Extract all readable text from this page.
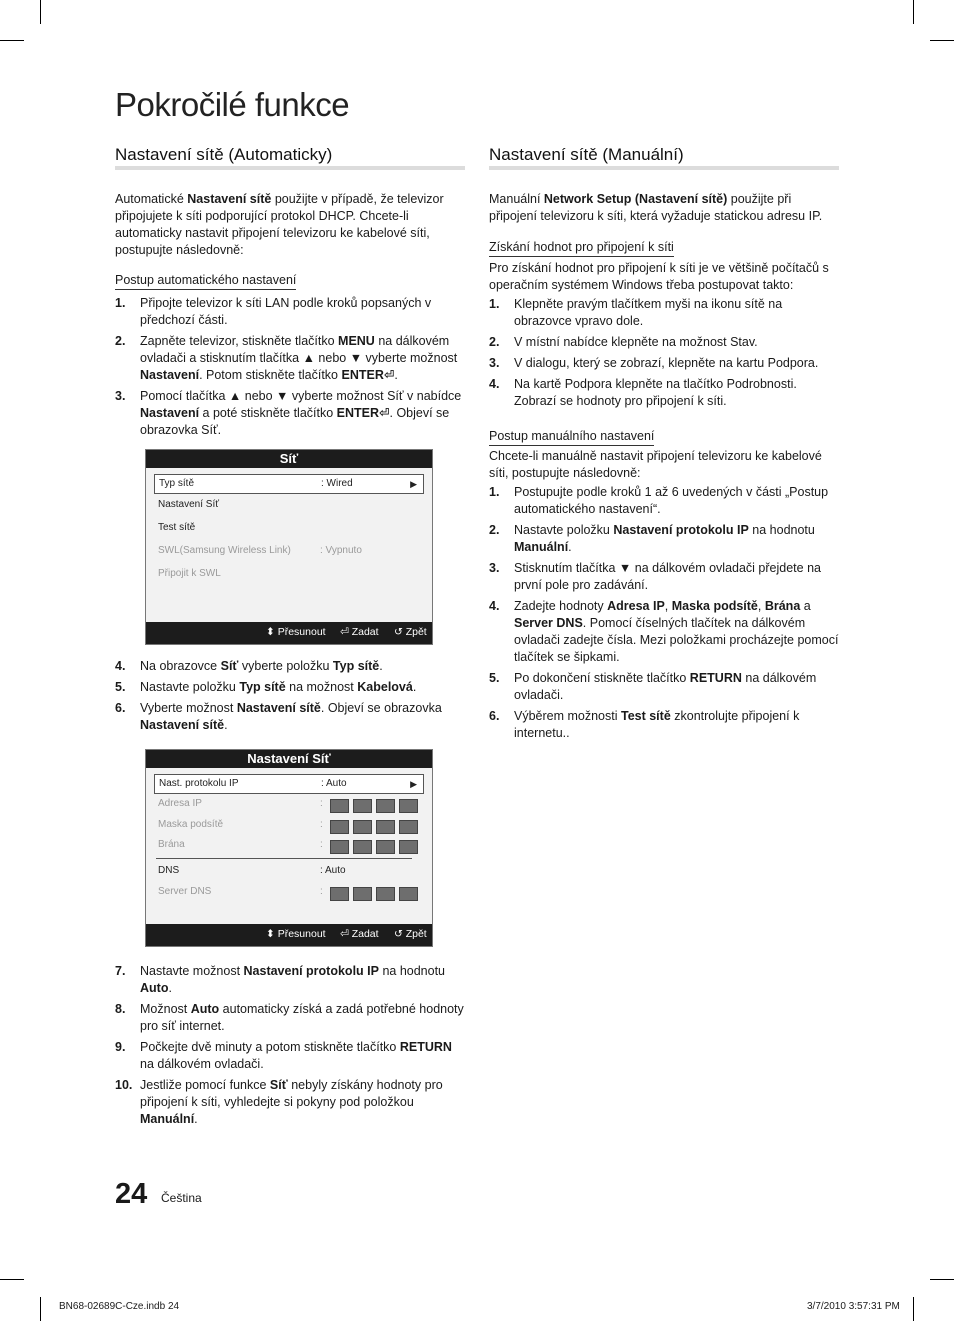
Pokročilé funkce
Nastavení sítě (Automaticky)

Automatické Nastavení sítě použijte v případě, že televizor připojujete k síti podporující protokol DHCP. Chcete-li automaticky nastavit připojení televizoru ke kabelové síti, postupujte následovně:

Postup automatického nastavení
1.	Připojte televizor k síti LAN podle kroků popsaných v předchozí části.
2.	Zapněte televizor, stiskněte tlačítko MENU na dálkovém ovladači a stisknutím tlačítka ▲ nebo ▼ vyberte možnost Nastavení. Potom stiskněte tlačítko ENTER⏎.
3.	Pomocí tlačítka ▲ nebo ▼ vyberte možnost Síť v nabídce Nastavení a poté stiskněte tlačítko ENTER⏎. Objeví se obrazovka Síť.
Síť
Typ sítě	: Wired	▶
Nastavení Síť
Test sítě
SWL(Samsung Wireless Link)	: Vypnuto
Připojit k SWL
⬍ Přesunout ⏎ Zadat ↺ Zpět
4.	Na obrazovce Síť vyberte položku Typ sítě.
5.	Nastavte položku Typ sítě na možnost Kabelová.
6.	Vyberte možnost Nastavení sítě. Objeví se obrazovka Nastavení sítě.
Nastavení Síť
Nast. protokolu IP	: Auto	▶
Adresa IP	:
Maska podsítě	:
Brána	:
DNS	: Auto
Server DNS	:
⬍ Přesunout ⏎ Zadat ↺ Zpět
7.	Nastavte možnost Nastavení protokolu IP na hodnotu Auto.
8.	Možnost Auto automaticky získá a zadá potřebné hodnoty pro síť internet.
9.	Počkejte dvě minuty a potom stiskněte tlačítko RETURN na dálkovém ovladači.
10. Jestliže pomocí funkce Síť nebyly získány hodnoty pro připojení k síti, vyhledejte si pokyny pod položkou Manuální.
Nastavení sítě (Manuální)

Manuální Network Setup (Nastavení sítě) použijte při připojení televizoru k síti, která vyžaduje statickou adresu IP.

Získání hodnot pro připojení k síti

Pro získání hodnot pro připojení k síti je ve většině počítačů s operačním systémem Windows třeba postupovat takto:

1.	Klepněte pravým tlačítkem myši na ikonu sítě na obrazovce vpravo dole.
2.	V místní nabídce klepněte na možnost Stav.
3.	V dialogu, který se zobrazí, klepněte na kartu Podpora.
4.	Na kartě Podpora klepněte na tlačítko Podrobnosti. Zobrazí se hodnoty pro připojení k síti.
Postup manuálního nastavení

Chcete-li manuálně nastavit připojení televizoru ke kabelové síti, postupujte následovně:

1.	Postupujte podle kroků 1 až 6 uvedených v části „Postup automatického nastavení“.
2.	Nastavte položku Nastavení protokolu IP na hodnotu Manuální.
3.	Stisknutím tlačítka ▼ na dálkovém ovladači přejdete na první pole pro zadávání.
4.	Zadejte hodnoty Adresa IP, Maska podsítě, Brána a Server DNS. Pomocí číselných tlačítek na dálkovém ovladači zadejte čísla. Mezi položkami procházejte pomocí tlačítek se šipkami.
5.	Po dokončení stiskněte tlačítko RETURN na dálkovém ovladači.
6.	Výběrem možnosti Test sítě zkontrolujte připojení k internetu..
24 Čeština
BN68-02689C-Cze.indb 24	3/7/2010 3:57:31 PM
